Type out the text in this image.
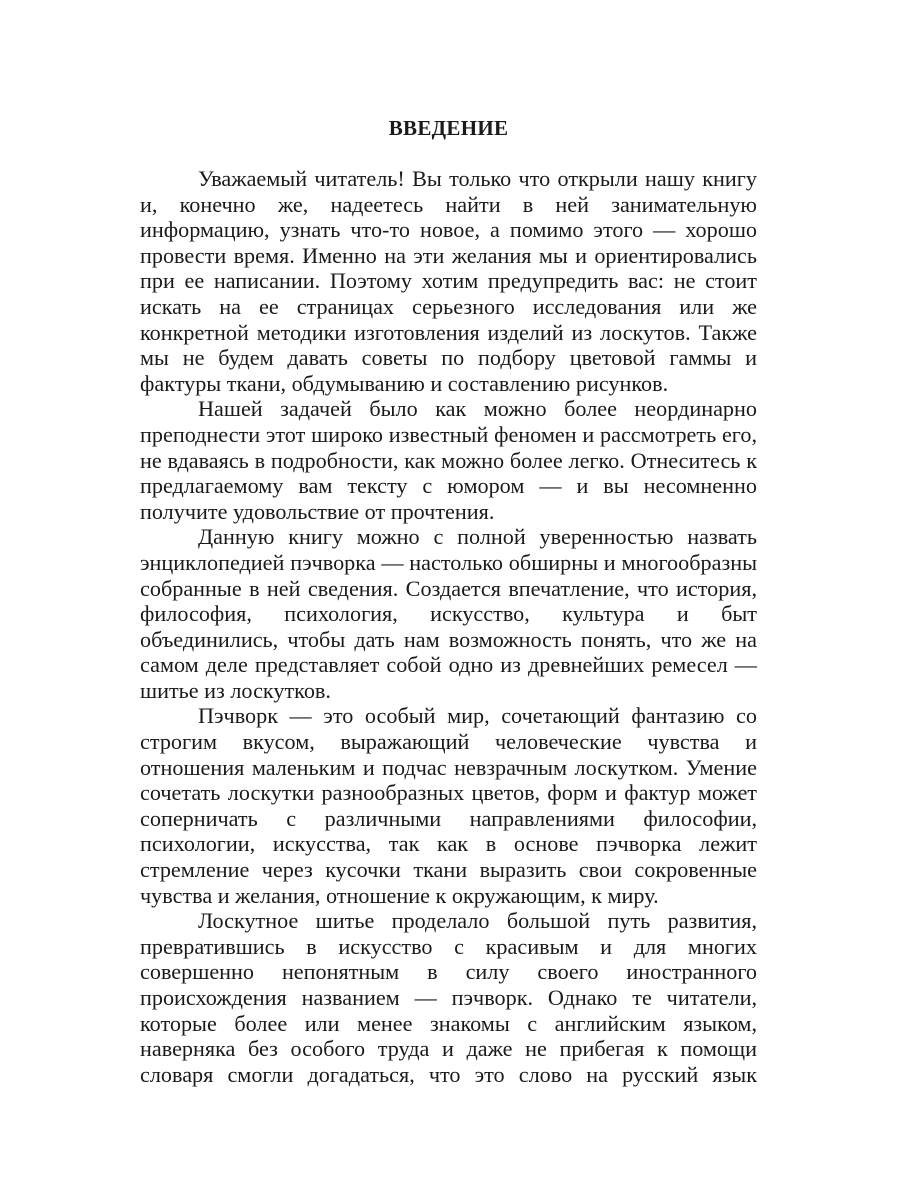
ВВЕДЕНИЕ

Уважаемый читатель! Вы только что открыли нашу книгу и, конечно же, надеетесь найти в ней занимательную информацию, узнать что-то новое, а помимо этого — хорошо провести время. Именно на эти желания мы и ориентировались при ее написании. Поэтому хотим предупредить вас: не стоит искать на ее страницах серьезного исследования или же конкретной методики изготовления изделий из лоскутов. Также мы не будем давать советы по подбору цветовой гаммы и фактуры ткани, обдумыванию и составлению рисунков.

Нашей задачей было как можно более неординарно преподнести этот широко известный феномен и рассмотреть его, не вдаваясь в подробности, как можно более легко. Отнеситесь к предлагаемому вам тексту с юмором — и вы несомненно получите удовольствие от прочтения.

Данную книгу можно с полной уверенностью назвать энциклопедией пэчворка — настолько обширны и многообразны собранные в ней сведения. Создается впечатление, что история, философия, психология, искусство, культура и быт объединились, чтобы дать нам возможность понять, что же на самом деле представляет собой одно из древнейших ремесел — шитье из лоскутков.

Пэчворк — это особый мир, сочетающий фантазию со строгим вкусом, выражающий человеческие чувства и отношения маленьким и подчас невзрачным лоскутком. Умение сочетать лоскутки разнообразных цветов, форм и фактур может соперничать с различными направлениями философии, психологии, искусства, так как в основе пэчворка лежит стремление через кусочки ткани выразить свои сокровенные чувства и желания, отношение к окружающим, к миру.

Лоскутное шитье проделало большой путь развития, превратившись в искусство с красивым и для многих совершенно непонятным в силу своего иностранного происхождения названием — пэчворк. Однако те читатели, которые более или менее знакомы с английским языком, наверняка без особого труда и даже не прибегая к помощи словаря смогли догадаться, что это слово на русский язык
